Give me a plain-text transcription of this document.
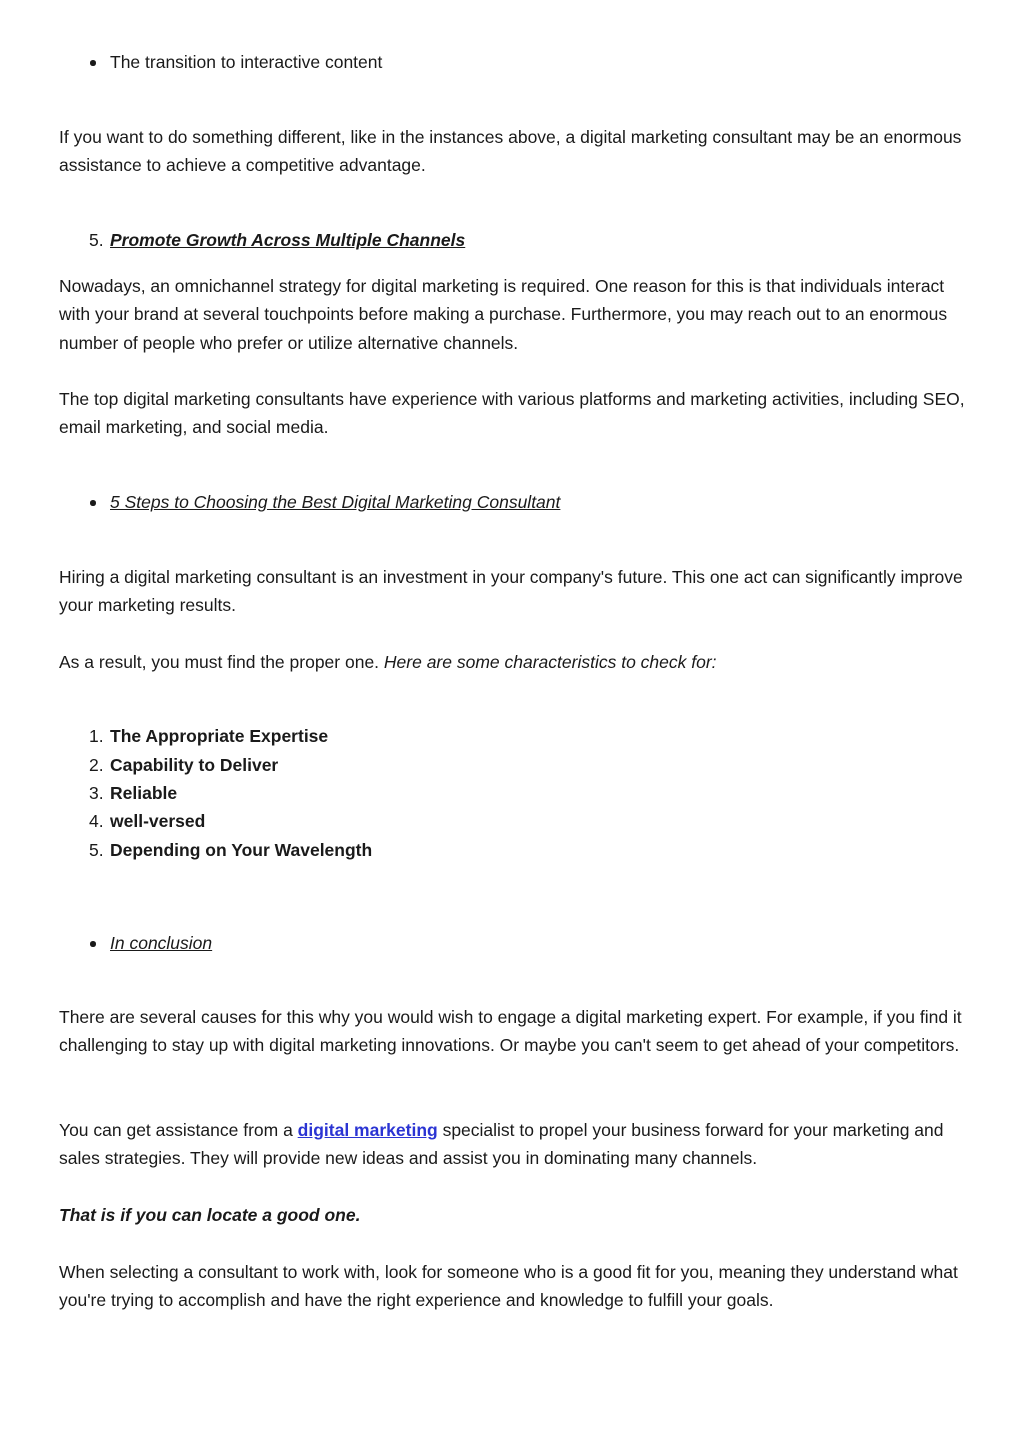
The transition to interactive content

If you want to do something different, like in the instances above, a digital marketing consultant may be an enormous assistance to achieve a competitive advantage.

5. Promote Growth Across Multiple Channels

Nowadays, an omnichannel strategy for digital marketing is required. One reason for this is that individuals interact with your brand at several touchpoints before making a purchase. Furthermore, you may reach out to an enormous number of people who prefer or utilize alternative channels.

The top digital marketing consultants have experience with various platforms and marketing activities, including SEO, email marketing, and social media.

5 Steps to Choosing the Best Digital Marketing Consultant

Hiring a digital marketing consultant is an investment in your company's future. This one act can significantly improve your marketing results.

As a result, you must find the proper one. Here are some characteristics to check for:

1. The Appropriate Expertise
2. Capability to Deliver
3. Reliable
4. well-versed
5. Depending on Your Wavelength
In conclusion

There are several causes for this why you would wish to engage a digital marketing expert. For example, if you find it challenging to stay up with digital marketing innovations. Or maybe you can't seem to get ahead of your competitors.

You can get assistance from a digital marketing specialist to propel your business forward for your marketing and sales strategies. They will provide new ideas and assist you in dominating many channels.

That is if you can locate a good one.

When selecting a consultant to work with, look for someone who is a good fit for you, meaning they understand what you're trying to accomplish and have the right experience and knowledge to fulfill your goals.
